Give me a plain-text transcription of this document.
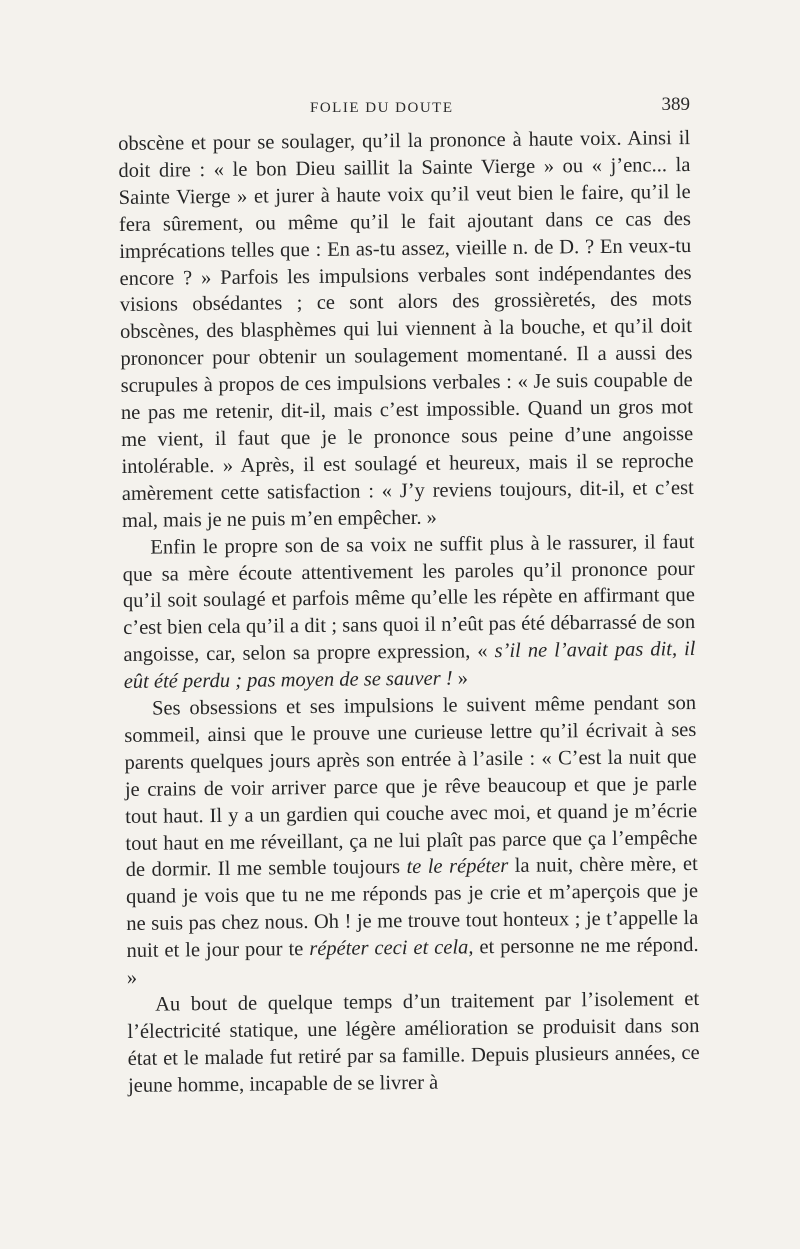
FOLIE DU DOUTE	389

obscène et pour se soulager, qu’il la prononce à haute voix. Ainsi il doit dire : « le bon Dieu saillit la Sainte Vierge » ou « j’enc... la Sainte Vierge » et jurer à haute voix qu’il veut bien le faire, qu’il le fera sûrement, ou même qu’il le fait ajoutant dans ce cas des imprécations telles que : En as-tu assez, vieille n. de D. ? En veux-tu encore ? » Parfois les impulsions verbales sont indépendantes des visions obsédantes ; ce sont alors des grossièretés, des mots obscènes, des blasphèmes qui lui viennent à la bouche, et qu’il doit prononcer pour obtenir un soulagement momentané. Il a aussi des scrupules à propos de ces impulsions verbales : « Je suis coupable de ne pas me retenir, dit-il, mais c’est impossible. Quand un gros mot me vient, il faut que je le prononce sous peine d’une angoisse intolérable. » Après, il est soulagé et heureux, mais il se reproche amèrement cette satisfaction : « J’y reviens toujours, dit-il, et c’est mal, mais je ne puis m’en empêcher. »

Enfin le propre son de sa voix ne suffit plus à le rassurer, il faut que sa mère écoute attentivement les paroles qu’il prononce pour qu’il soit soulagé et parfois même qu’elle les répète en affirmant que c’est bien cela qu’il a dit ; sans quoi il n’eût pas été débarrassé de son angoisse, car, selon sa propre expression, « s’il ne l’avait pas dit, il eût été perdu ; pas moyen de se sauver ! »

Ses obsessions et ses impulsions le suivent même pendant son sommeil, ainsi que le prouve une curieuse lettre qu’il écrivait à ses parents quelques jours après son entrée à l’asile : « C’est la nuit que je crains de voir arriver parce que je rêve beaucoup et que je parle tout haut. Il y a un gardien qui couche avec moi, et quand je m’écrie tout haut en me réveillant, ça ne lui plaît pas parce que ça l’empêche de dormir. Il me semble toujours te le répéter la nuit, chère mère, et quand je vois que tu ne me réponds pas je crie et m’aperçois que je ne suis pas chez nous. Oh ! je me trouve tout honteux ; je t’appelle la nuit et le jour pour te répéter ceci et cela, et personne ne me répond. »

Au bout de quelque temps d’un traitement par l’isolement et l’électricité statique, une légère amélioration se produisit dans son état et le malade fut retiré par sa famille. Depuis plusieurs années, ce jeune homme, incapable de se livrer à
